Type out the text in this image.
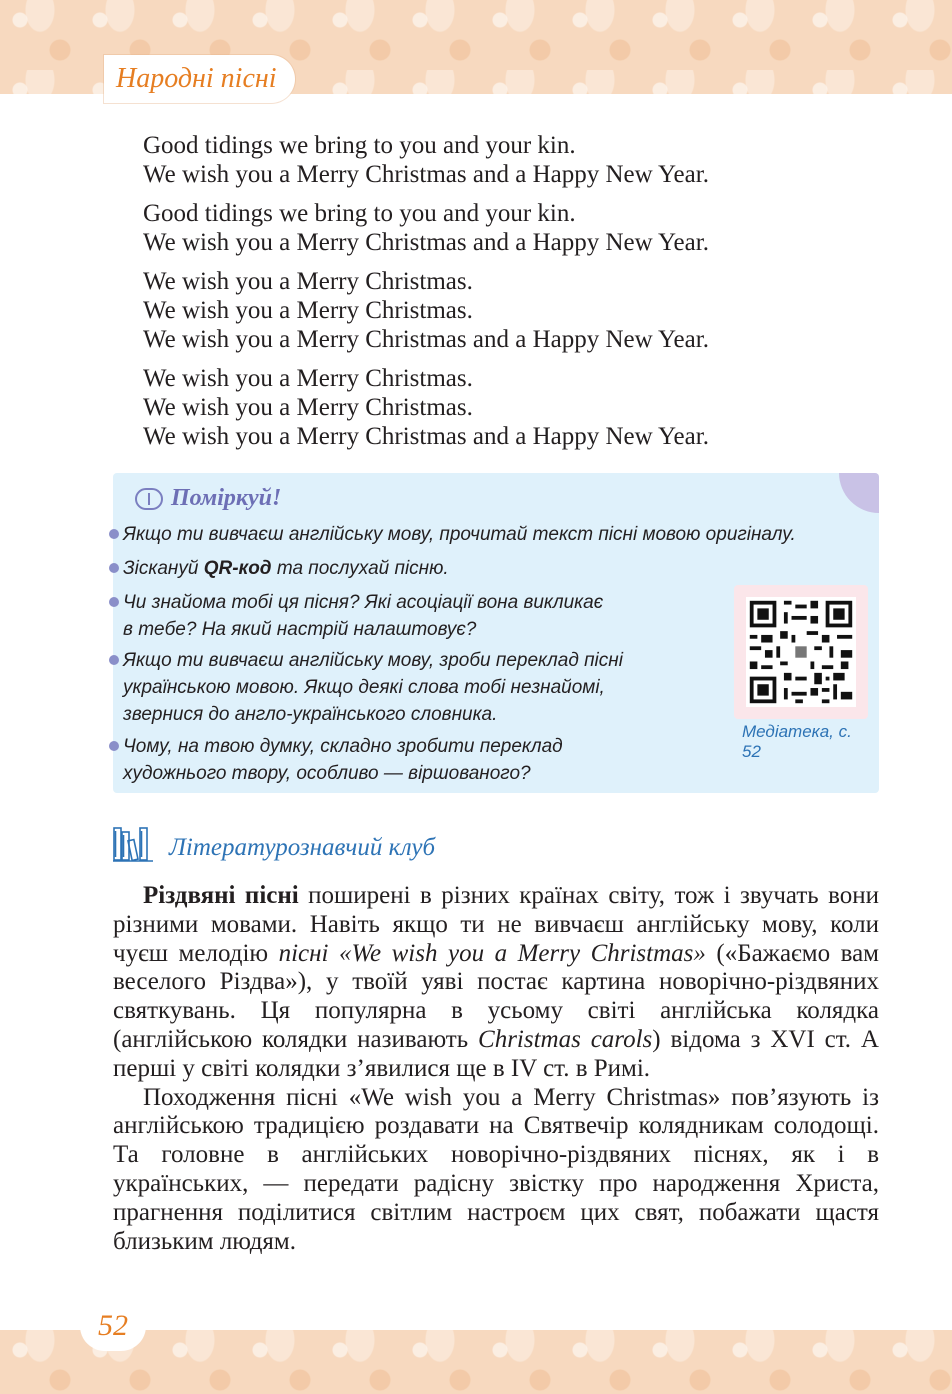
Народні пісні
Good tidings we bring to you and your kin.
We wish you a Merry Christmas and a Happy New Year.
Good tidings we bring to you and your kin.
We wish you a Merry Christmas and a Happy New Year.
We wish you a Merry Christmas.
We wish you a Merry Christmas.
We wish you a Merry Christmas and a Happy New Year.
We wish you a Merry Christmas.
We wish you a Merry Christmas.
We wish you a Merry Christmas and a Happy New Year.
Поміркуй!
Якщо ти вивчаєш англійську мову, прочитай текст пісні мовою оригіналу.
Зіскануй QR-код та послухай пісню.
Чи знайома тобі ця пісня? Які асоціації вона викликає
в тебе? На який настрій налаштовує?
Якщо ти вивчаєш англійську мову, зроби переклад пісні
українською мовою. Якщо деякі слова тобі незнайомі,
звернися до англо-українського словника.
Чому, на твою думку, складно зробити переклад
художнього твору, особливо — віршованого?
Медіатека, с. 52
Літературознавчий клуб

Різдвяні пісні поширені в різних країнах світу, тож і звучать вони різними мовами. Навіть якщо ти не вивчаєш англійську мову, коли чуєш мелодію пісні «We wish you a Merry Christmas» («Бажаємо вам веселого Різдва»), у твоїй уяві постає картина новорічно-різдвяних святкувань. Ця популярна в усьому світі англійська колядка (англійською колядки називають Christmas carols) відома з XVI ст. А перші у світі колядки з’явилися ще в IV ст. в Римі.

Походження пісні «We wish you a Merry Christmas» пов’язують із англійською традицією роздавати на Святвечір колядникам солодощі. Та головне в англійських новорічно-різдвяних піснях, як і в українських, — передати радісну звістку про народження Христа, прагнення поділитися світлим настроєм цих свят, побажати щастя близьким людям.

52
